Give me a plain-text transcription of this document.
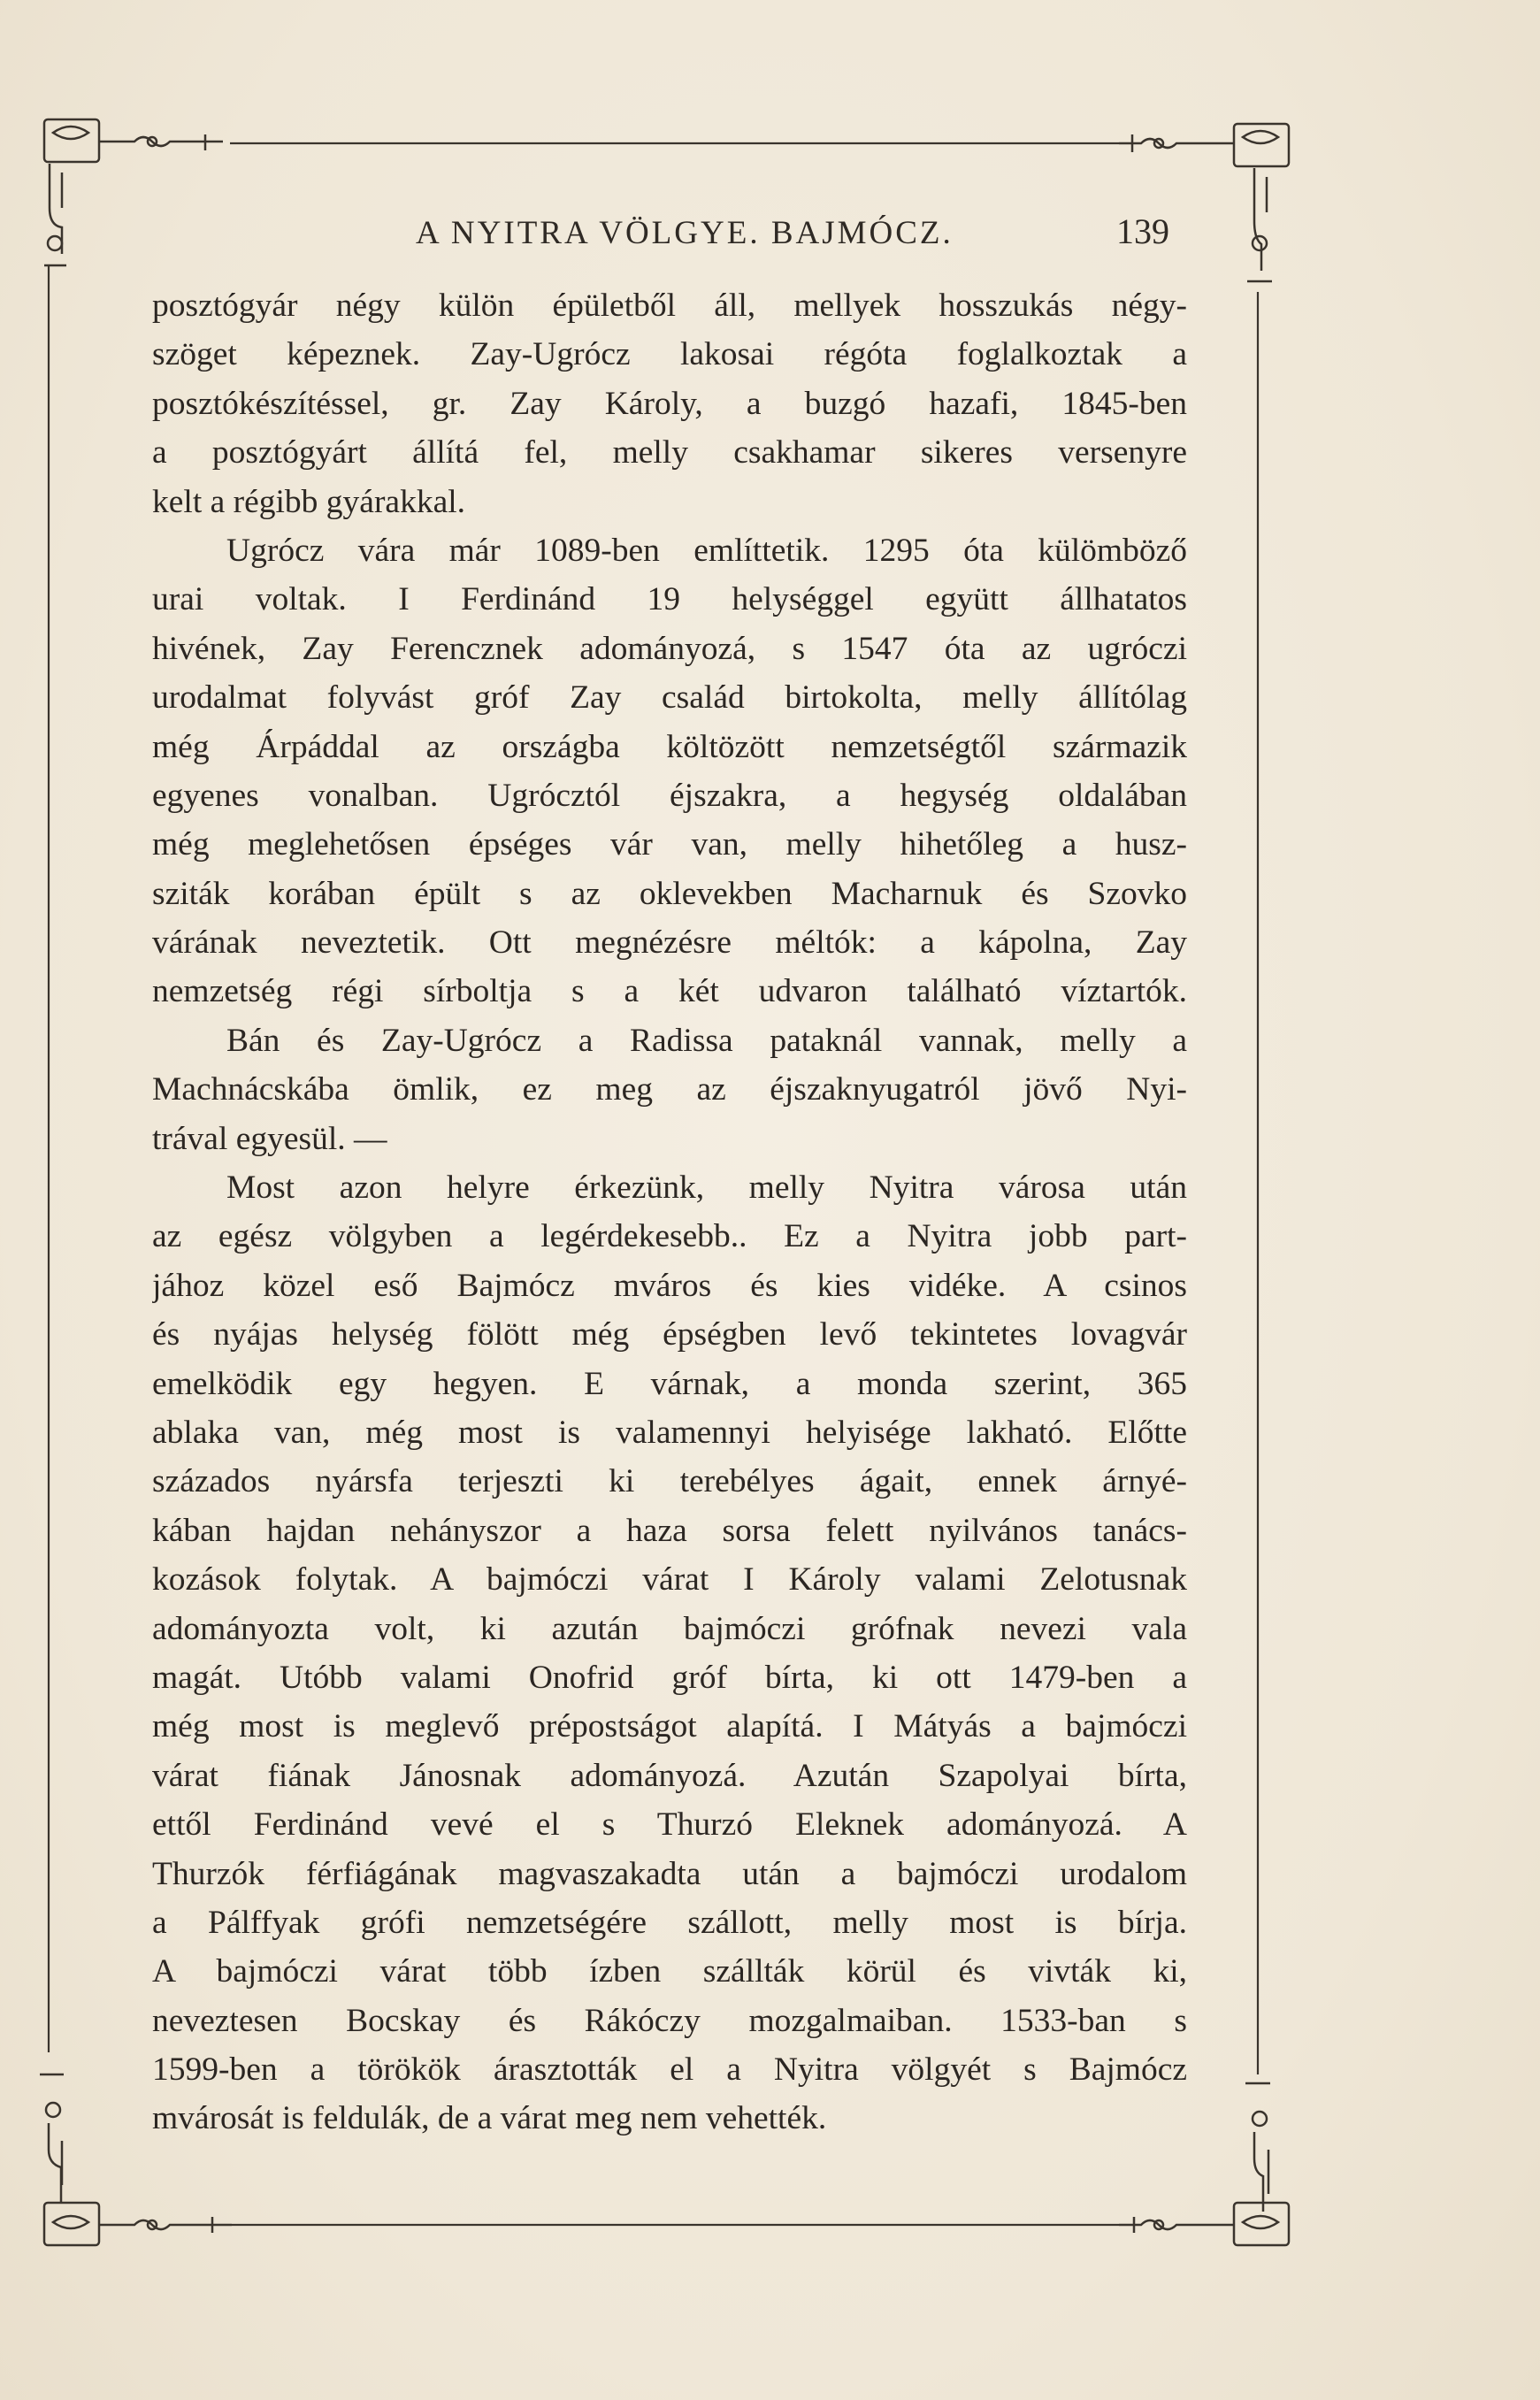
A NYITRA VÖLGYE. BAJMÓCZ.	139
posztógyár négy külön épületből áll, mellyek hosszukás négy-
szöget képeznek. Zay-Ugrócz lakosai régóta foglalkoztak a
posztókészítéssel, gr. Zay Károly, a buzgó hazafi, 1845-ben
a posztógyárt állítá fel, melly csakhamar sikeres versenyre
kelt a régibb gyárakkal.
Ugrócz vára már 1089-ben említtetik. 1295 óta külömböző
urai voltak. I Ferdinánd 19 helységgel együtt állhatatos
hivének, Zay Ferencznek adományozá, s 1547 óta az ugróczi
urodalmat folyvást gróf Zay család birtokolta, melly állítólag
még Árpáddal az országba költözött nemzetségtől származik
egyenes vonalban. Ugróczt​ól éjszakra, a hegység oldalában
még meglehetősen épséges vár van, melly hihetőleg a husz-
sziták korában épült s az oklevekben Macharnuk és Szovko
várának neveztetik. Ott megnézésre méltók: a kápolna, Zay
nemzetség régi sírboltja s a két udvaron található víztartók.
Bán és Zay-Ugrócz a Radissa pataknál vannak, melly a
Machnácskába ömlik, ez meg az éjszaknyugatról jövő Nyi-
trával egyesül. —
Most azon helyre érkezünk, melly Nyitra városa után
az egész völgyben a legérdekesebb.. Ez a Nyitra jobb part-
jához közel eső Bajmócz mváros és kies vidéke. A csinos
és nyájas helység fölött még épségben levő tekintetes lovagvár
emelködik egy hegyen. E várnak, a monda szerint, 365
ablaka van, még most is valamennyi helyisége lakható. Előtte
százados nyársfa terjeszti ki terebélyes ágait, ennek árnyé-
kában hajdan nehányszor a haza sorsa felett nyilvános tanács-
kozások folytak. A bajmóczi várat I Károly valami Zelotusnak
adományozta volt, ki azután bajmóczi grófnak nevezi vala
magát. Utóbb valami Onofrid gróf bírta, ki ott 1479-ben a
még most is meglevő prépostságot alapítá. I Mátyás a bajmóczi
várat fiának Jánosnak adományozá. Azután Szapolyai bírta,
ettől Ferdinánd vevé el s Thurzó Eleknek adományozá. A
Thurzók férfiágának magvaszakadta után a bajmóczi urodalom
a Pálffyak grófi nemzetségére szállott, melly most is bírja.
A bajmóczi várat több ízben szállták körül és vivták ki,
neveztesen Bocskay és Rákóczy mozgalmaiban. 1533-ban s
1599-ben a törökök árasztották el a Nyitra völgyét s Bajmócz
mvárosát is feldulák, de a várat meg nem vehették.
